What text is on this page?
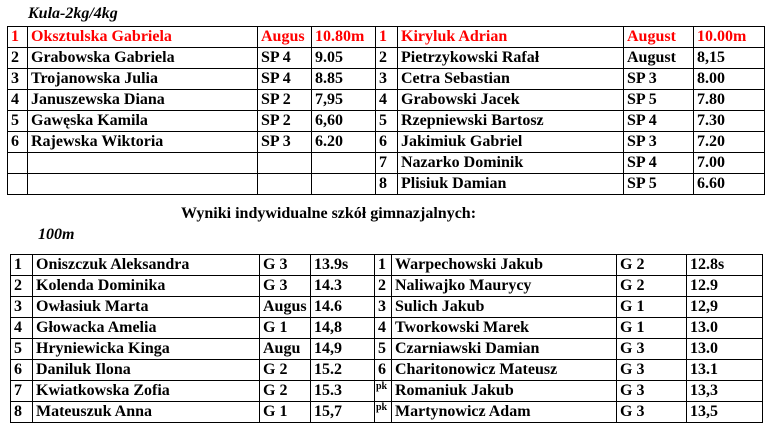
Kula-2kg/4kg
1	Oksztulska Gabriela	Augus	10.80m	1	Kiryluk Adrian	August	10.00m
2	Grabowska Gabriela	SP 4	9.05	2	Pietrzykowski Rafał	August	8,15
3	Trojanowska Julia	SP 4	8.85	3	Cetra Sebastian	SP 3	8.00
4	Januszewska Diana	SP 2	7,95	4	Grabowski Jacek	SP 5	7.80
5	Gawęska Kamila	SP 2	6,60	5	Rzepniewski Bartosz	SP 4	7.30
6	Rajewska Wiktoria	SP 3	6.20	6	Jakimiuk Gabriel	SP 3	7.20
				7	Nazarko Dominik	SP 4	7.00
				8	Plisiuk Damian	SP 5	6.60
Wyniki indywidualne szkół gimnazjalnych:
100m
1	Oniszczuk Aleksandra	G 3	13.9s	1	Warpechowski Jakub	G 2	12.8s
2	Kolenda Dominika	G 3	14.3	2	Naliwajko Maurycy	G 2	12.9
3	Owłasiuk Marta	Augus	14.6	3	Sulich Jakub	G 1	12,9
4	Głowacka Amelia	G 1	14,8	4	Tworkowski Marek	G 1	13.0
5	Hryniewicka Kinga	Augu	14,9	5	Czarniawski Damian	G 3	13.0
6	Daniluk Ilona	G 2	15.2	6	Charitonowicz Mateusz	G 3	13.1
7	Kwiatkowska Zofia	G 2	15.3	pk	Romaniuk Jakub	G 3	13,3
8	Mateuszuk Anna	G 1	15,7	pk	Martynowicz Adam	G 3	13,5
